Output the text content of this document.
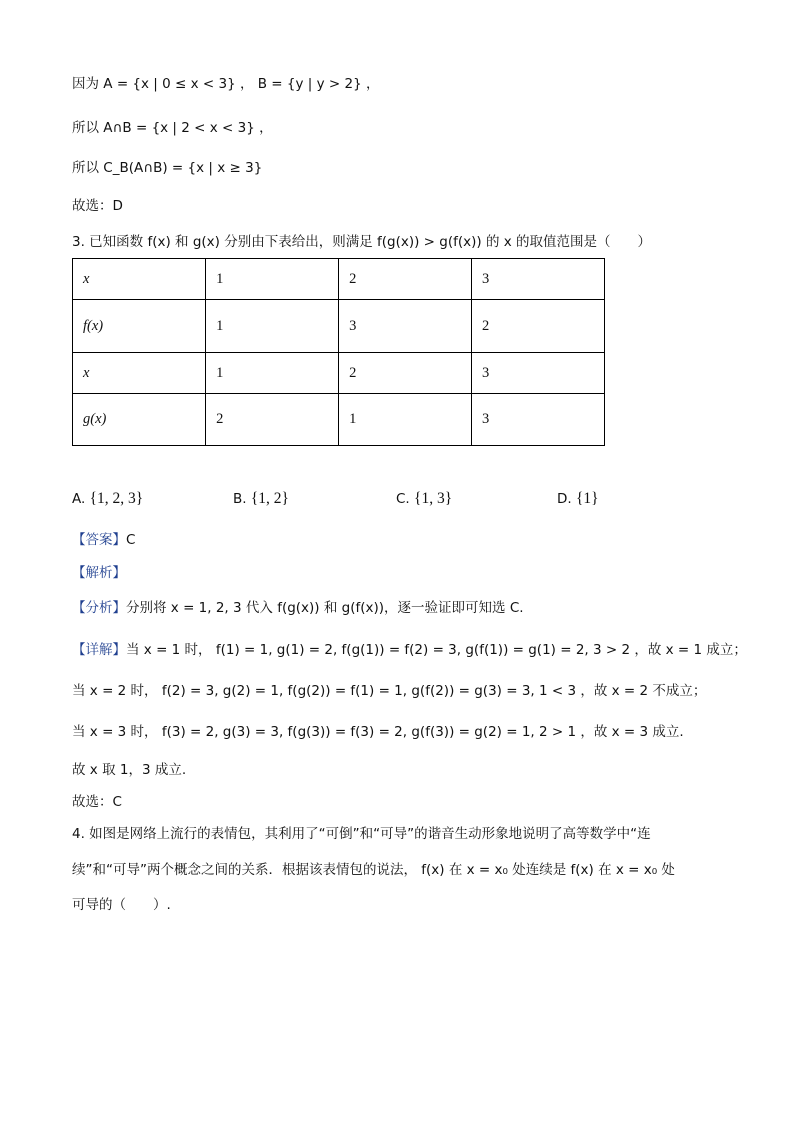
因为 A = {x | 0 ≤ x < 3} ， B = {y | y > 2} ，
所以 A∩B = {x | 2 < x < 3} ，
所以 C_B(A∩B) = {x | x ≥ 3}
故选：D
3. 已知函数 f(x) 和 g(x) 分别由下表给出，则满足 f(g(x)) > g(f(x)) 的 x 的取值范围是（　　）
x	1	2	3
f(x)	1	3	2
x	1	2	3
g(x)	2	1	3
A. {1, 2, 3}	B. {1, 2}	C. {1, 3}	D. {1}
【答案】C
【解析】
【分析】分别将 x = 1, 2, 3 代入 f(g(x)) 和 g(f(x))，逐一验证即可知选 C.
【详解】当 x = 1 时， f(1) = 1, g(1) = 2, f(g(1)) = f(2) = 3, g(f(1)) = g(1) = 2, 3 > 2 ，故 x = 1 成立；
当 x = 2 时， f(2) = 3, g(2) = 1, f(g(2)) = f(1) = 1, g(f(2)) = g(3) = 3, 1 < 3 ，故 x = 2 不成立；
当 x = 3 时， f(3) = 2, g(3) = 3, f(g(3)) = f(3) = 2, g(f(3)) = g(2) = 1, 2 > 1 ，故 x = 3 成立.
故 x 取 1，3 成立.
故选：C
4. 如图是网络上流行的表情包，其利用了“可倒”和“可导”的谐音生动形象地说明了高等数学中“连
续”和“可导”两个概念之间的关系．根据该表情包的说法， f(x) 在 x = x₀ 处连续是 f(x) 在 x = x₀ 处
可导的（　　）.
